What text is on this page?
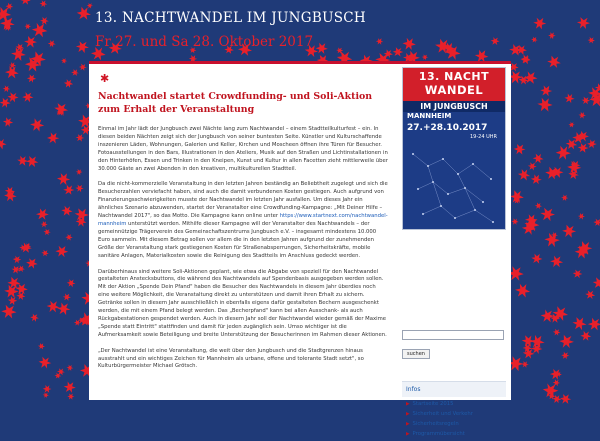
13. NACHTWANDEL IM JUNGBUSCH
Fr 27. und Sa 28. Oktober 2017
✱
Nachtwandel startet Crowdfunding- und Soli-Aktion zum Erhalt der Veranstaltung

Einmal im Jahr lädt der Jungbusch zwei Nächte lang zum Nachtwandel – einem Stadtteilkulturfest – ein. In diesen beiden Nächten zeigt sich der Jungbusch von seiner buntesten Seite. Künstler und Kulturschaffende inszenieren Läden, Wohnungen, Galerien und Keller, Kirchen und Moscheen öffnen ihre Türen für Besucher. Fotoausstellungen in den Bars, Illustrationen in den Ateliers, Musik auf den Straßen und Lichtinstallationen in den Hinterhöfen, Essen und Trinken in den Kneipen, Kunst und Kultur in allen Facetten zieht mittlerweile über 30.000 Gäste an zwei Abenden in den kreativen, multikulturellen Stadtteil.

Da die nicht-kommerzielle Veranstaltung in den letzten Jahren beständig an Beliebtheit zugelegt und sich die Besucherzahlen verviefacht haben, sind auch die damit verbundenen Kosten gestiegen. Auch aufgrund von Finanzierungsschwierigkeiten musste der Nachtwandel im letzten Jahr ausfallen. Um dieses Jahr ein ähnliches Szenario abzuwenden, startet der Veranstalter eine Crowdfunding-Kampagne: „Mit Deiner Hilfe – Nachtwandel 2017", so das Motto. Die Kampagne kann online unter https://www.startnext.com/nachtwandel-mannheim unterstützt werden. Mithilfe dieser Kampagne will der Veranstalter des Nachtwandels – der gemeinnützige Trägerverein des Gemeinschaftszentrums Jungbusch e.V. – insgesamt mindestens 10.000 Euro sammeln. Mit diesem Betrag sollen vor allem die in den letzten Jahren aufgrund der zunehmenden Größe der Veranstaltung stark gestiegenen Kosten für Straßenabsperrungen, Sicherheitskräfte, mobile sanitäre Anlagen, Materialkosten sowie die Reinigung des Stadtteils im Anschluss gedeckt werden.

Darüberhinaus sind weitere Soli-Aktionen geplant, wie etwa die Abgabe von speziell für den Nachtwandel gestalteten Anstecksbuttons, die während des Nachtwandels auf Spendenbasis ausgegeben werden sollen. Mit der Aktion „Spende Dein Pfand" haben die Besucher des Nachtwandels in diesem Jahr überdies noch eine weitere Möglichkeit, die Veranstaltung direkt zu unterstützen und damit ihren Erhalt zu sichern. Getränke sollen in diesem Jahr ausschließlich in ebenfalls eigens dafür gestalteten Bechern ausgeschenkt werden, die mit einem Pfand belegt werden. Das „Becherpfand" kann bei allen Ausschank- als auch Rückgabestationen gespendet werden. Auch in diesem Jahr soll der Nachtwandel wieder gemäß der Maxime „Spende statt Eintritt" stattfinden und damit für jeden zugänglich sein. Umso wichtiger ist die Aufmerksamkeit sowie Beteiligung und breite Unterstützung der Besucherinnen im Rahmen dieser Aktionen.

„Der Nachtwandel ist eine Veranstaltung, die weit über den Jungbusch und die Stadtgrenzen hinaus ausstrahlt und ein wichtiges Zeichen für Mannheim als urbane, offene und tolerante Stadt setzt", so Kulturbürgermeister Michael Grötsch.

13. NACHT
WANDEL
IM JUNGBUSCH
MANNHEIM
27.+28.10.2017
19-24 UHR
suchen
Infos
▶ Startseite 2015
▶ Sicherheit und Verkehr
▶ Sicherheitsregeln
▶ Programmübersicht
